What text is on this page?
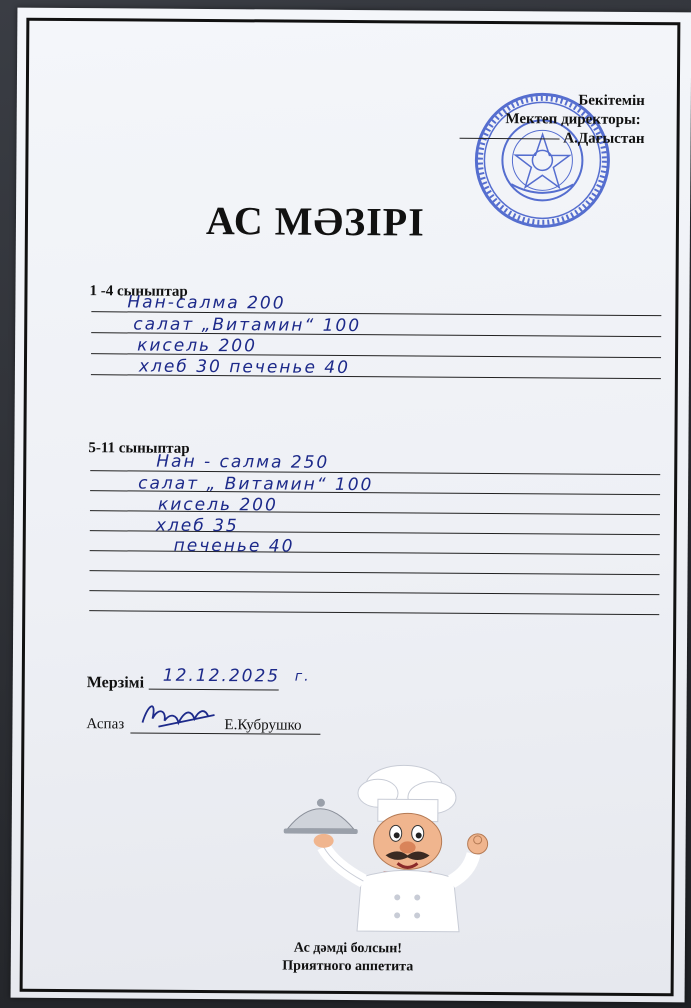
Бекітемін

Мектеп директоры:
А.Дағыстан
АС МӘЗІРІ
1 -4 сыныптар
Нан-салма 200
салат „Витамин“ 100
кисель 200
хлеб 30 печенье 40
5-11 сыныптар
Нан - салма 250
салат „ Витамин“ 100
кисель 200
хлеб 35
печенье 40
Мерзімі 12.12.2025 г.
Аспаз	Е.Кубрушко
Ас дәмді болсын!
Приятного аппетита
